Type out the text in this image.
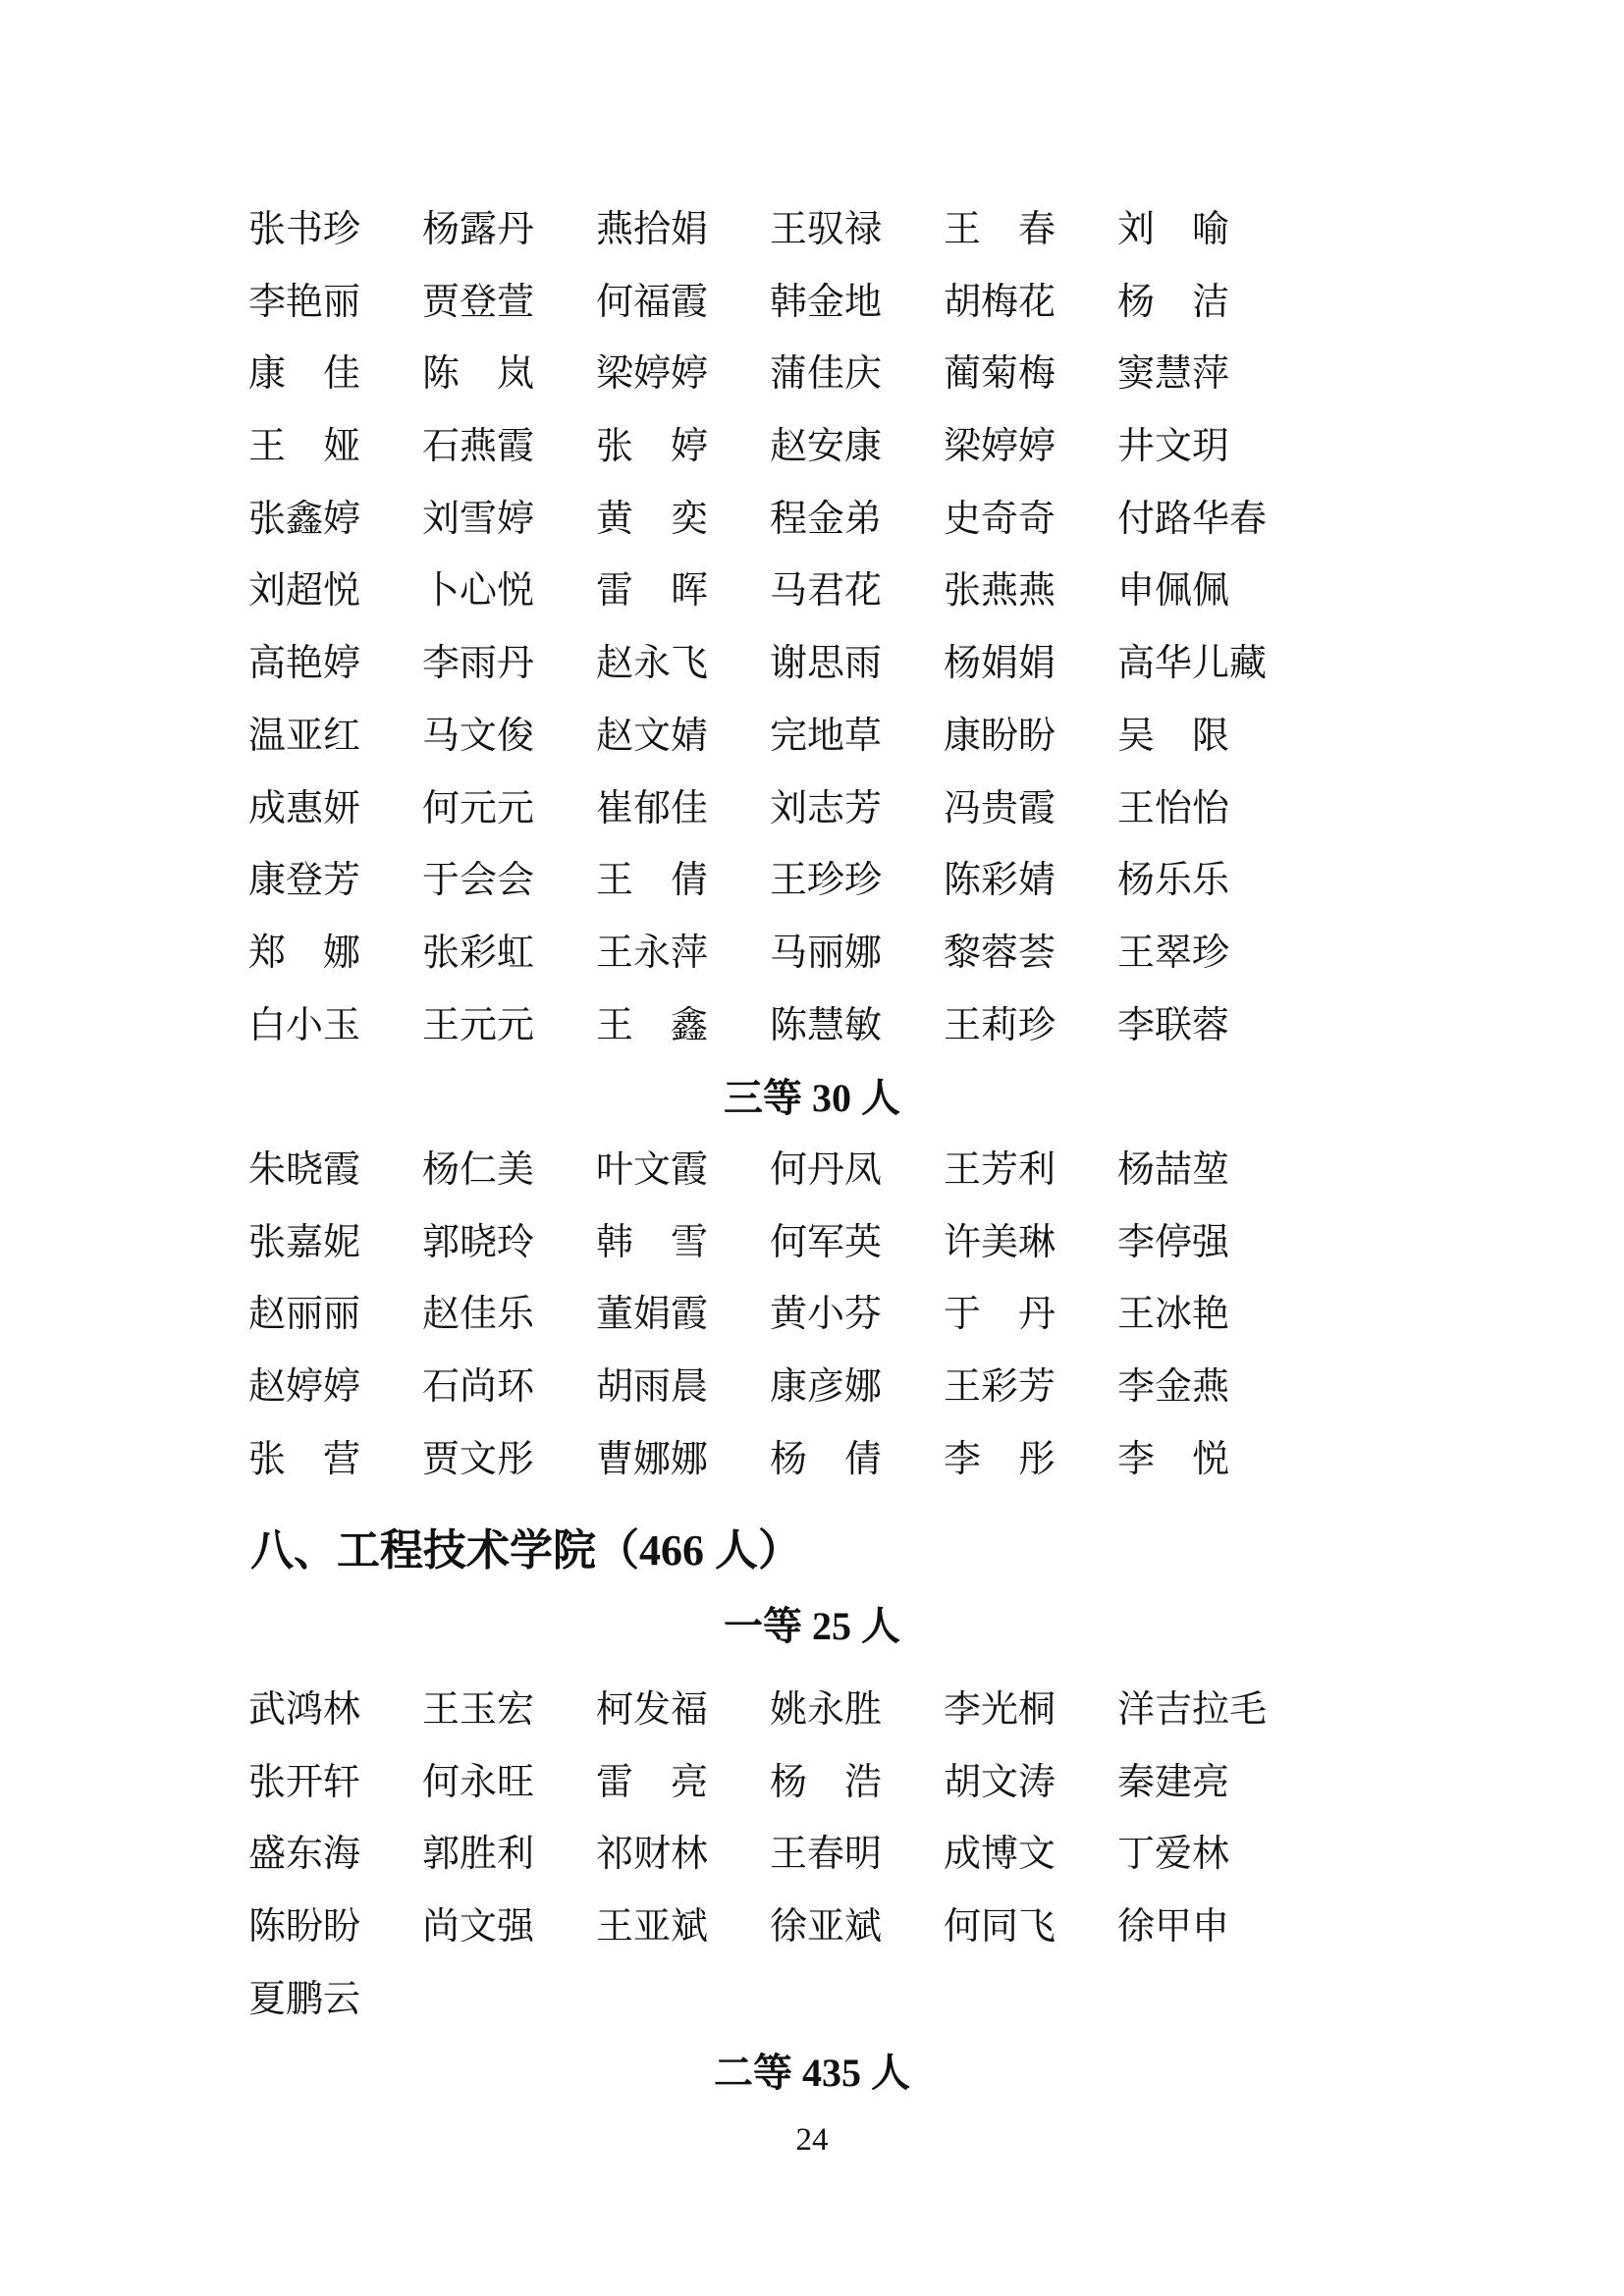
张书珍 杨露丹 燕拾娟 王驭禄 王　春 刘　喻
李艳丽 贾登萱 何福霞 韩金地 胡梅花 杨　洁
康　佳 陈　岚 梁婷婷 蒲佳庆 蔺菊梅 窦慧萍
王　娅 石燕霞 张　婷 赵安康 梁婷婷 井文玥
张鑫婷 刘雪婷 黄　奕 程金弟 史奇奇 付路华春
刘超悦 卜心悦 雷　晖 马君花 张燕燕 申佩佩
高艳婷 李雨丹 赵永飞 谢思雨 杨娟娟 高华儿藏
温亚红 马文俊 赵文婧 完地草 康盼盼 吴　限
成惠妍 何元元 崔郁佳 刘志芳 冯贵霞 王怡怡
康登芳 于会会 王　倩 王珍珍 陈彩婧 杨乐乐
郑　娜 张彩虹 王永萍 马丽娜 黎蓉荟 王翠珍
白小玉 王元元 王　鑫 陈慧敏 王莉珍 李联蓉
三等 30 人
朱晓霞 杨仁美 叶文霞 何丹凤 王芳利 杨喆堃
张嘉妮 郭晓玲 韩　雪 何军英 许美琳 李停强
赵丽丽 赵佳乐 董娟霞 黄小芬 于　丹 王冰艳
赵婷婷 石尚环 胡雨晨 康彦娜 王彩芳 李金燕
张　营 贾文彤 曹娜娜 杨　倩 李　彤 李　悦
八、工程技术学院（466 人）
一等 25 人
武鸿林 王玉宏 柯发福 姚永胜 李光桐 洋吉拉毛
张开轩 何永旺 雷　亮 杨　浩 胡文涛 秦建亮
盛东海 郭胜利 祁财林 王春明 成博文 丁爱林
陈盼盼 尚文强 王亚斌 徐亚斌 何同飞 徐甲申
夏鹏云
二等 435 人
24
